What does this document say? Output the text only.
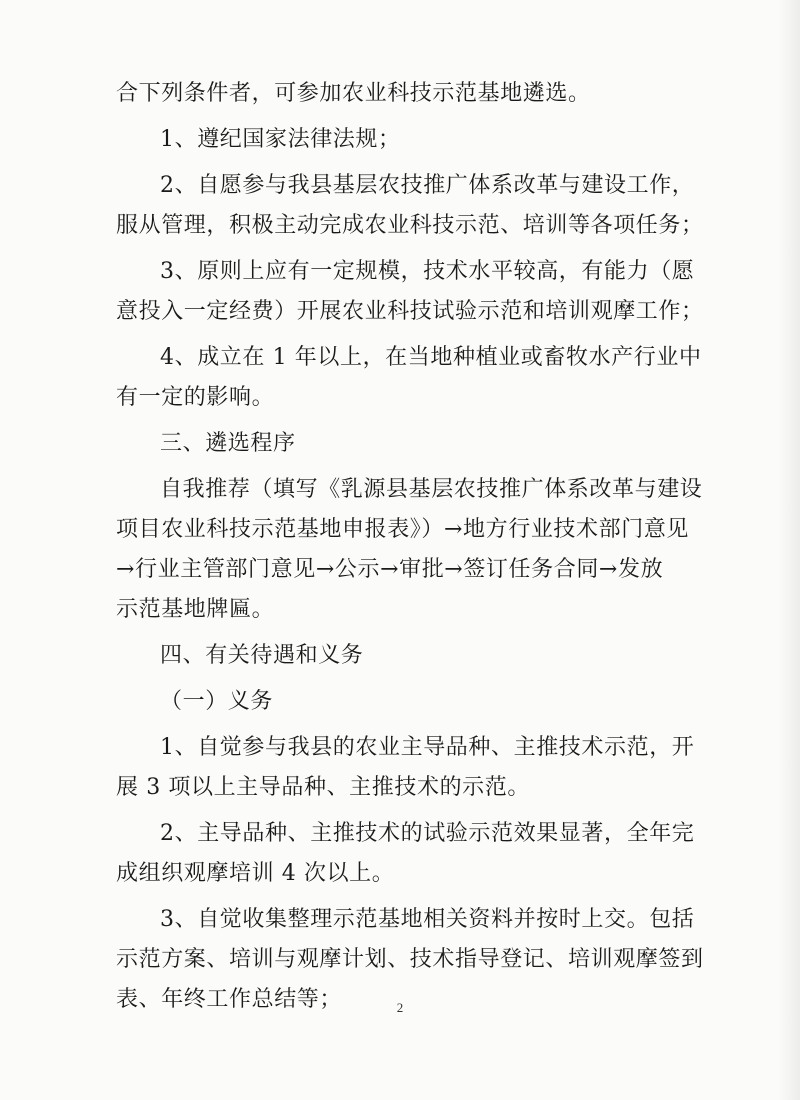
合下列条件者，可参加农业科技示范基地遴选。
1、遵纪国家法律法规；
2、自愿参与我县基层农技推广体系改革与建设工作，
服从管理，积极主动完成农业科技示范、培训等各项任务；
3、原则上应有一定规模，技术水平较高，有能力（愿
意投入一定经费）开展农业科技试验示范和培训观摩工作；
4、成立在 1 年以上，在当地种植业或畜牧水产行业中
有一定的影响。
三、遴选程序
自我推荐（填写《乳源县基层农技推广体系改革与建设
项目农业科技示范基地申报表》）→地方行业技术部门意见
→行业主管部门意见→公示→审批→签订任务合同→发放
示范基地牌匾。
四、有关待遇和义务
（一）义务
1、自觉参与我县的农业主导品种、主推技术示范，开
展 3 项以上主导品种、主推技术的示范。
2、主导品种、主推技术的试验示范效果显著，全年完
成组织观摩培训 4 次以上。
3、自觉收集整理示范基地相关资料并按时上交。包括
示范方案、培训与观摩计划、技术指导登记、培训观摩签到
表、年终工作总结等；	2
